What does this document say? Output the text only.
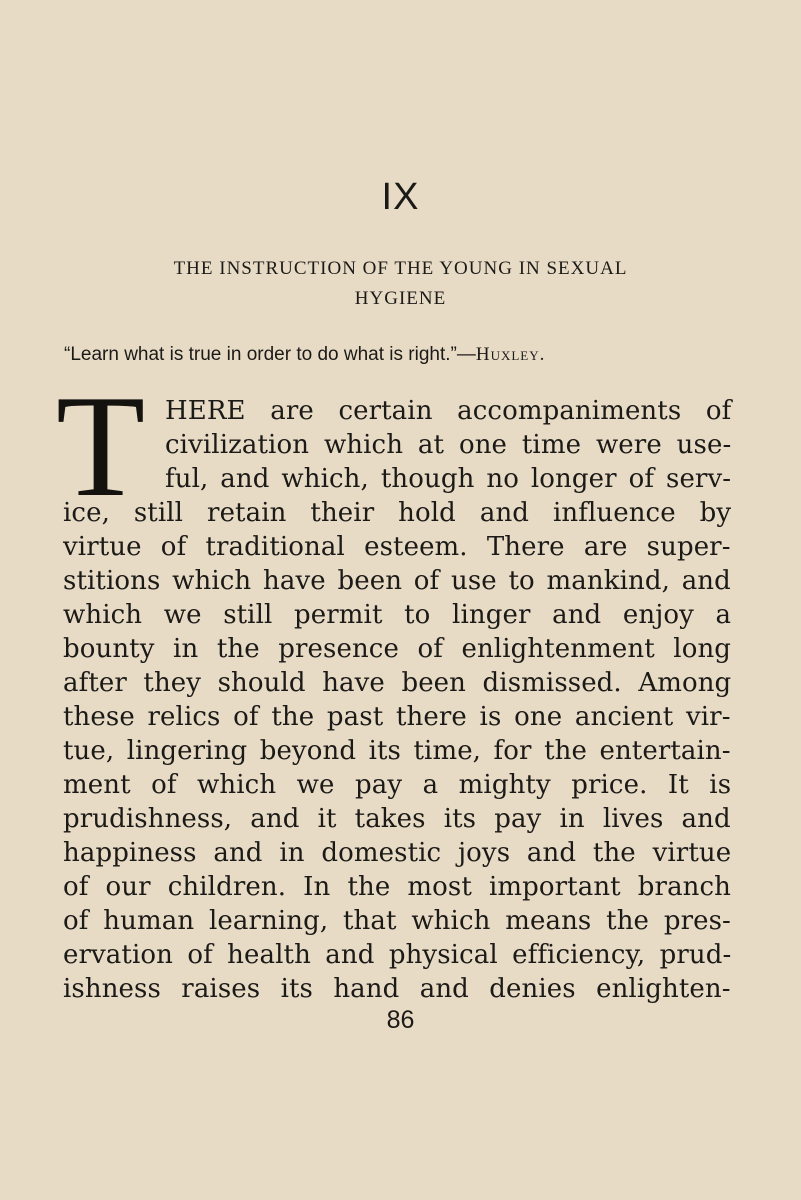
IX
THE INSTRUCTION OF THE YOUNG IN SEXUAL
HYGIENE
“Learn what is true in order to do what is right.”—Huxley.
T HERE are certain accompaniments of
civilization which at one time were use-
ful, and which, though no longer of serv-
ice, still retain their hold and influence by
virtue of traditional esteem. There are super-
stitions which have been of use to mankind, and
which we still permit to linger and enjoy a
bounty in the presence of enlightenment long
after they should have been dismissed. Among
these relics of the past there is one ancient vir-
tue, lingering beyond its time, for the entertain-
ment of which we pay a mighty price. It is
prudishness, and it takes its pay in lives and
happiness and in domestic joys and the virtue
of our children. In the most important branch
of human learning, that which means the pres-
ervation of health and physical efficiency, prud-
ishness raises its hand and denies enlighten-
86
